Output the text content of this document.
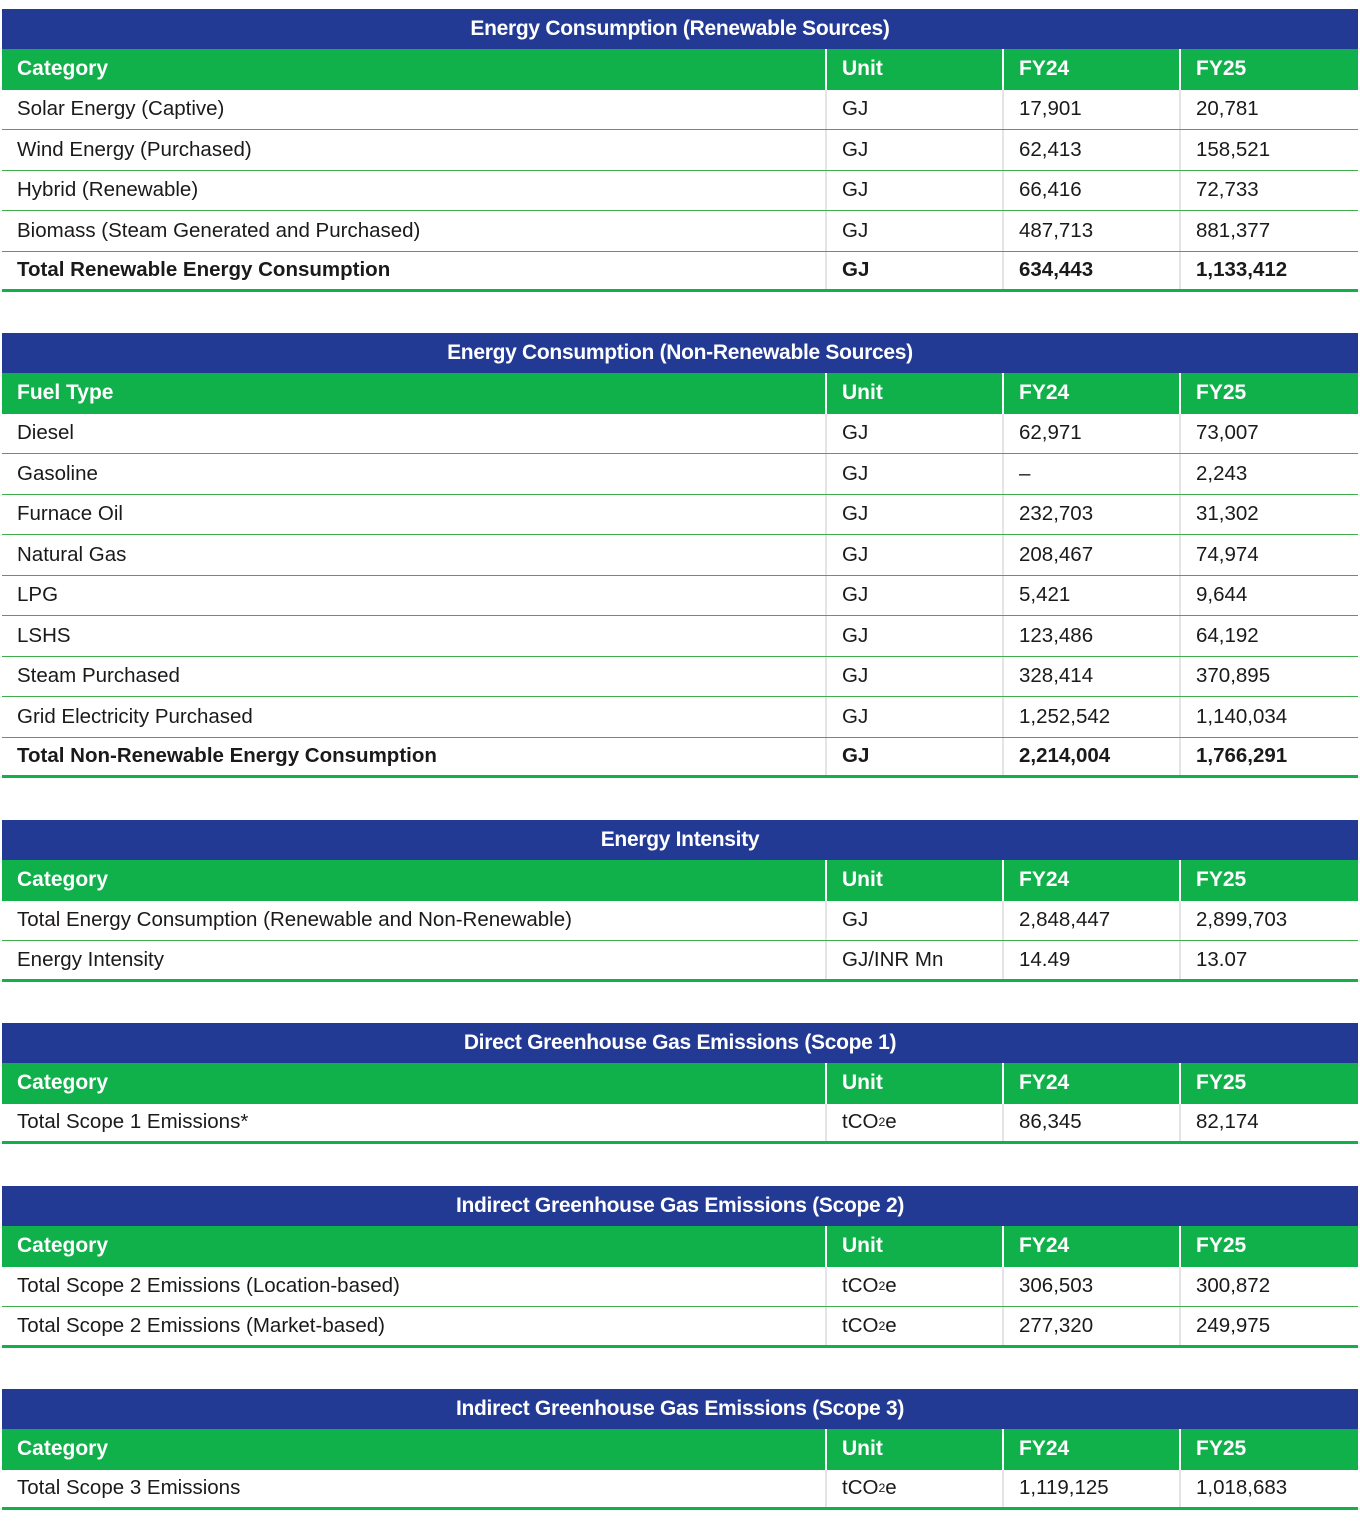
Energy Consumption (Renewable Sources)
Category	Unit	FY24	FY25
Solar Energy (Captive)	GJ	17,901	20,781
Wind Energy (Purchased)	GJ	62,413	158,521
Hybrid (Renewable)	GJ	66,416	72,733
Biomass (Steam Generated and Purchased)	GJ	487,713	881,377
Total Renewable Energy Consumption	GJ	634,443	1,133,412
Energy Consumption (Non-Renewable Sources)
Fuel Type	Unit	FY24	FY25
Diesel	GJ	62,971	73,007
Gasoline	GJ	–	2,243
Furnace Oil	GJ	232,703	31,302
Natural Gas	GJ	208,467	74,974
LPG	GJ	5,421	9,644
LSHS	GJ	123,486	64,192
Steam Purchased	GJ	328,414	370,895
Grid Electricity Purchased	GJ	1,252,542	1,140,034
Total Non-Renewable Energy Consumption	GJ	2,214,004	1,766,291
Energy Intensity
Category	Unit	FY24	FY25
Total Energy Consumption (Renewable and Non-Renewable)	GJ	2,848,447	2,899,703
Energy Intensity	GJ/INR Mn	14.49	13.07
Direct Greenhouse Gas Emissions (Scope 1)
Category	Unit	FY24	FY25
Total Scope 1 Emissions*	tCO 2 e	86,345	82,174
Indirect Greenhouse Gas Emissions (Scope 2)
Category	Unit	FY24	FY25
Total Scope 2 Emissions (Location-based)	tCO 2 e	306,503	300,872
Total Scope 2 Emissions (Market-based)	tCO 2 e	277,320	249,975
Indirect Greenhouse Gas Emissions (Scope 3)
Category	Unit	FY24	FY25
Total Scope 3 Emissions	tCO 2 e	1,119,125	1,018,683
